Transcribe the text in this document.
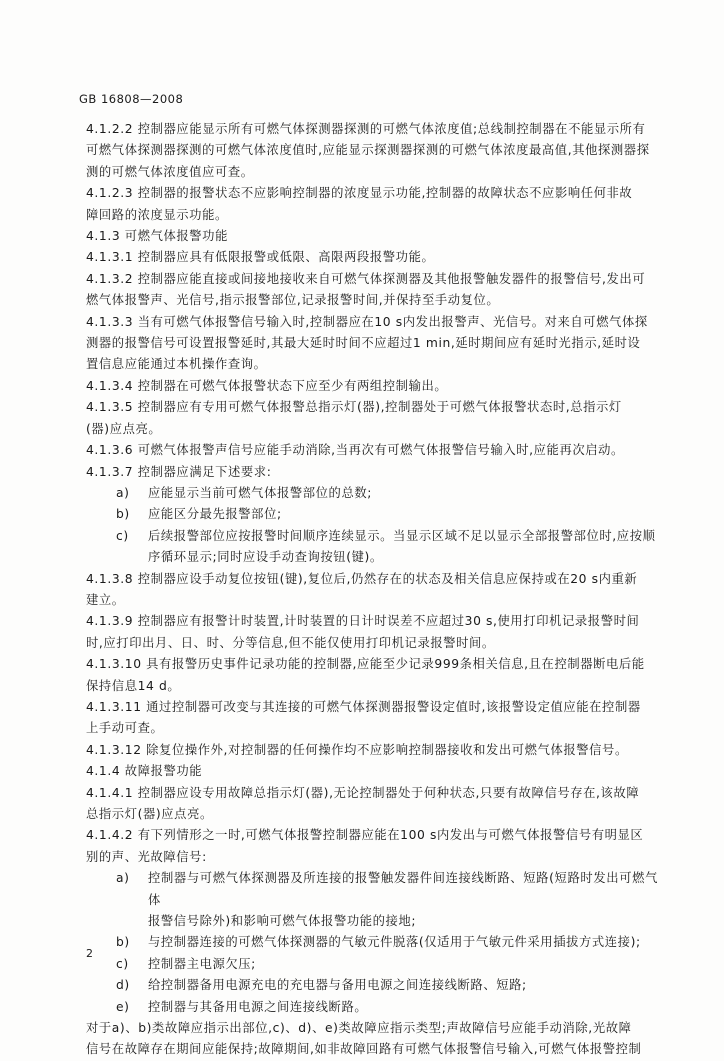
GB 16808—2008
4.1.2.2 控制器应能显示所有可燃气体探测器探测的可燃气体浓度值;总线制控制器在不能显示所有
可燃气体探测器探测的可燃气体浓度值时,应能显示探测器探测的可燃气体浓度最高值,其他探测器探
测的可燃气体浓度值应可查。
4.1.2.3 控制器的报警状态不应影响控制器的浓度显示功能,控制器的故障状态不应影响任何非故
障回路的浓度显示功能。
4.1.3 可燃气体报警功能
4.1.3.1 控制器应具有低限报警或低限、高限两段报警功能。
4.1.3.2 控制器应能直接或间接地接收来自可燃气体探测器及其他报警触发器件的报警信号,发出可
燃气体报警声、光信号,指示报警部位,记录报警时间,并保持至手动复位。
4.1.3.3 当有可燃气体报警信号输入时,控制器应在10 s内发出报警声、光信号。对来自可燃气体探
测器的报警信号可设置报警延时,其最大延时时间不应超过1 min,延时期间应有延时光指示,延时设
置信息应能通过本机操作查询。
4.1.3.4 控制器在可燃气体报警状态下应至少有两组控制输出。
4.1.3.5 控制器应有专用可燃气体报警总指示灯(器),控制器处于可燃气体报警状态时,总指示灯
(器)应点亮。
4.1.3.6 可燃气体报警声信号应能手动消除,当再次有可燃气体报警信号输入时,应能再次启动。
4.1.3.7 控制器应满足下述要求:
a)	应能显示当前可燃气体报警部位的总数;
b)	应能区分最先报警部位;
c)	后续报警部位应按报警时间顺序连续显示。当显示区域不足以显示全部报警部位时,应按顺
序循环显示;同时应设手动查询按钮(键)。
4.1.3.8 控制器应设手动复位按钮(键),复位后,仍然存在的状态及相关信息应保持或在20 s内重新
建立。
4.1.3.9 控制器应有报警计时装置,计时装置的日计时误差不应超过30 s,使用打印机记录报警时间
时,应打印出月、日、时、分等信息,但不能仅使用打印机记录报警时间。
4.1.3.10 具有报警历史事件记录功能的控制器,应能至少记录999条相关信息,且在控制器断电后能
保持信息14 d。
4.1.3.11 通过控制器可改变与其连接的可燃气体探测器报警设定值时,该报警设定值应能在控制器
上手动可查。
4.1.3.12 除复位操作外,对控制器的任何操作均不应影响控制器接收和发出可燃气体报警信号。
4.1.4 故障报警功能
4.1.4.1 控制器应设专用故障总指示灯(器),无论控制器处于何种状态,只要有故障信号存在,该故障
总指示灯(器)应点亮。
4.1.4.2 有下列情形之一时,可燃气体报警控制器应能在100 s内发出与可燃气体报警信号有明显区
别的声、光故障信号:
a)	控制器与可燃气体探测器及所连接的报警触发器件间连接线断路、短路(短路时发出可燃气体
报警信号除外)和影响可燃气体报警功能的接地;
b)	与控制器连接的可燃气体探测器的气敏元件脱落(仅适用于气敏元件采用插拔方式连接);
c)	控制器主电源欠压;
d)	给控制器备用电源充电的充电器与备用电源之间连接线断路、短路;
e)	控制器与其备用电源之间连接线断路。
对于a)、b)类故障应指示出部位,c)、d)、e)类故障应指示类型;声故障信号应能手动消除,光故障
信号在故障存在期间应能保持;故障期间,如非故障回路有可燃气体报警信号输入,可燃气体报警控制
2
